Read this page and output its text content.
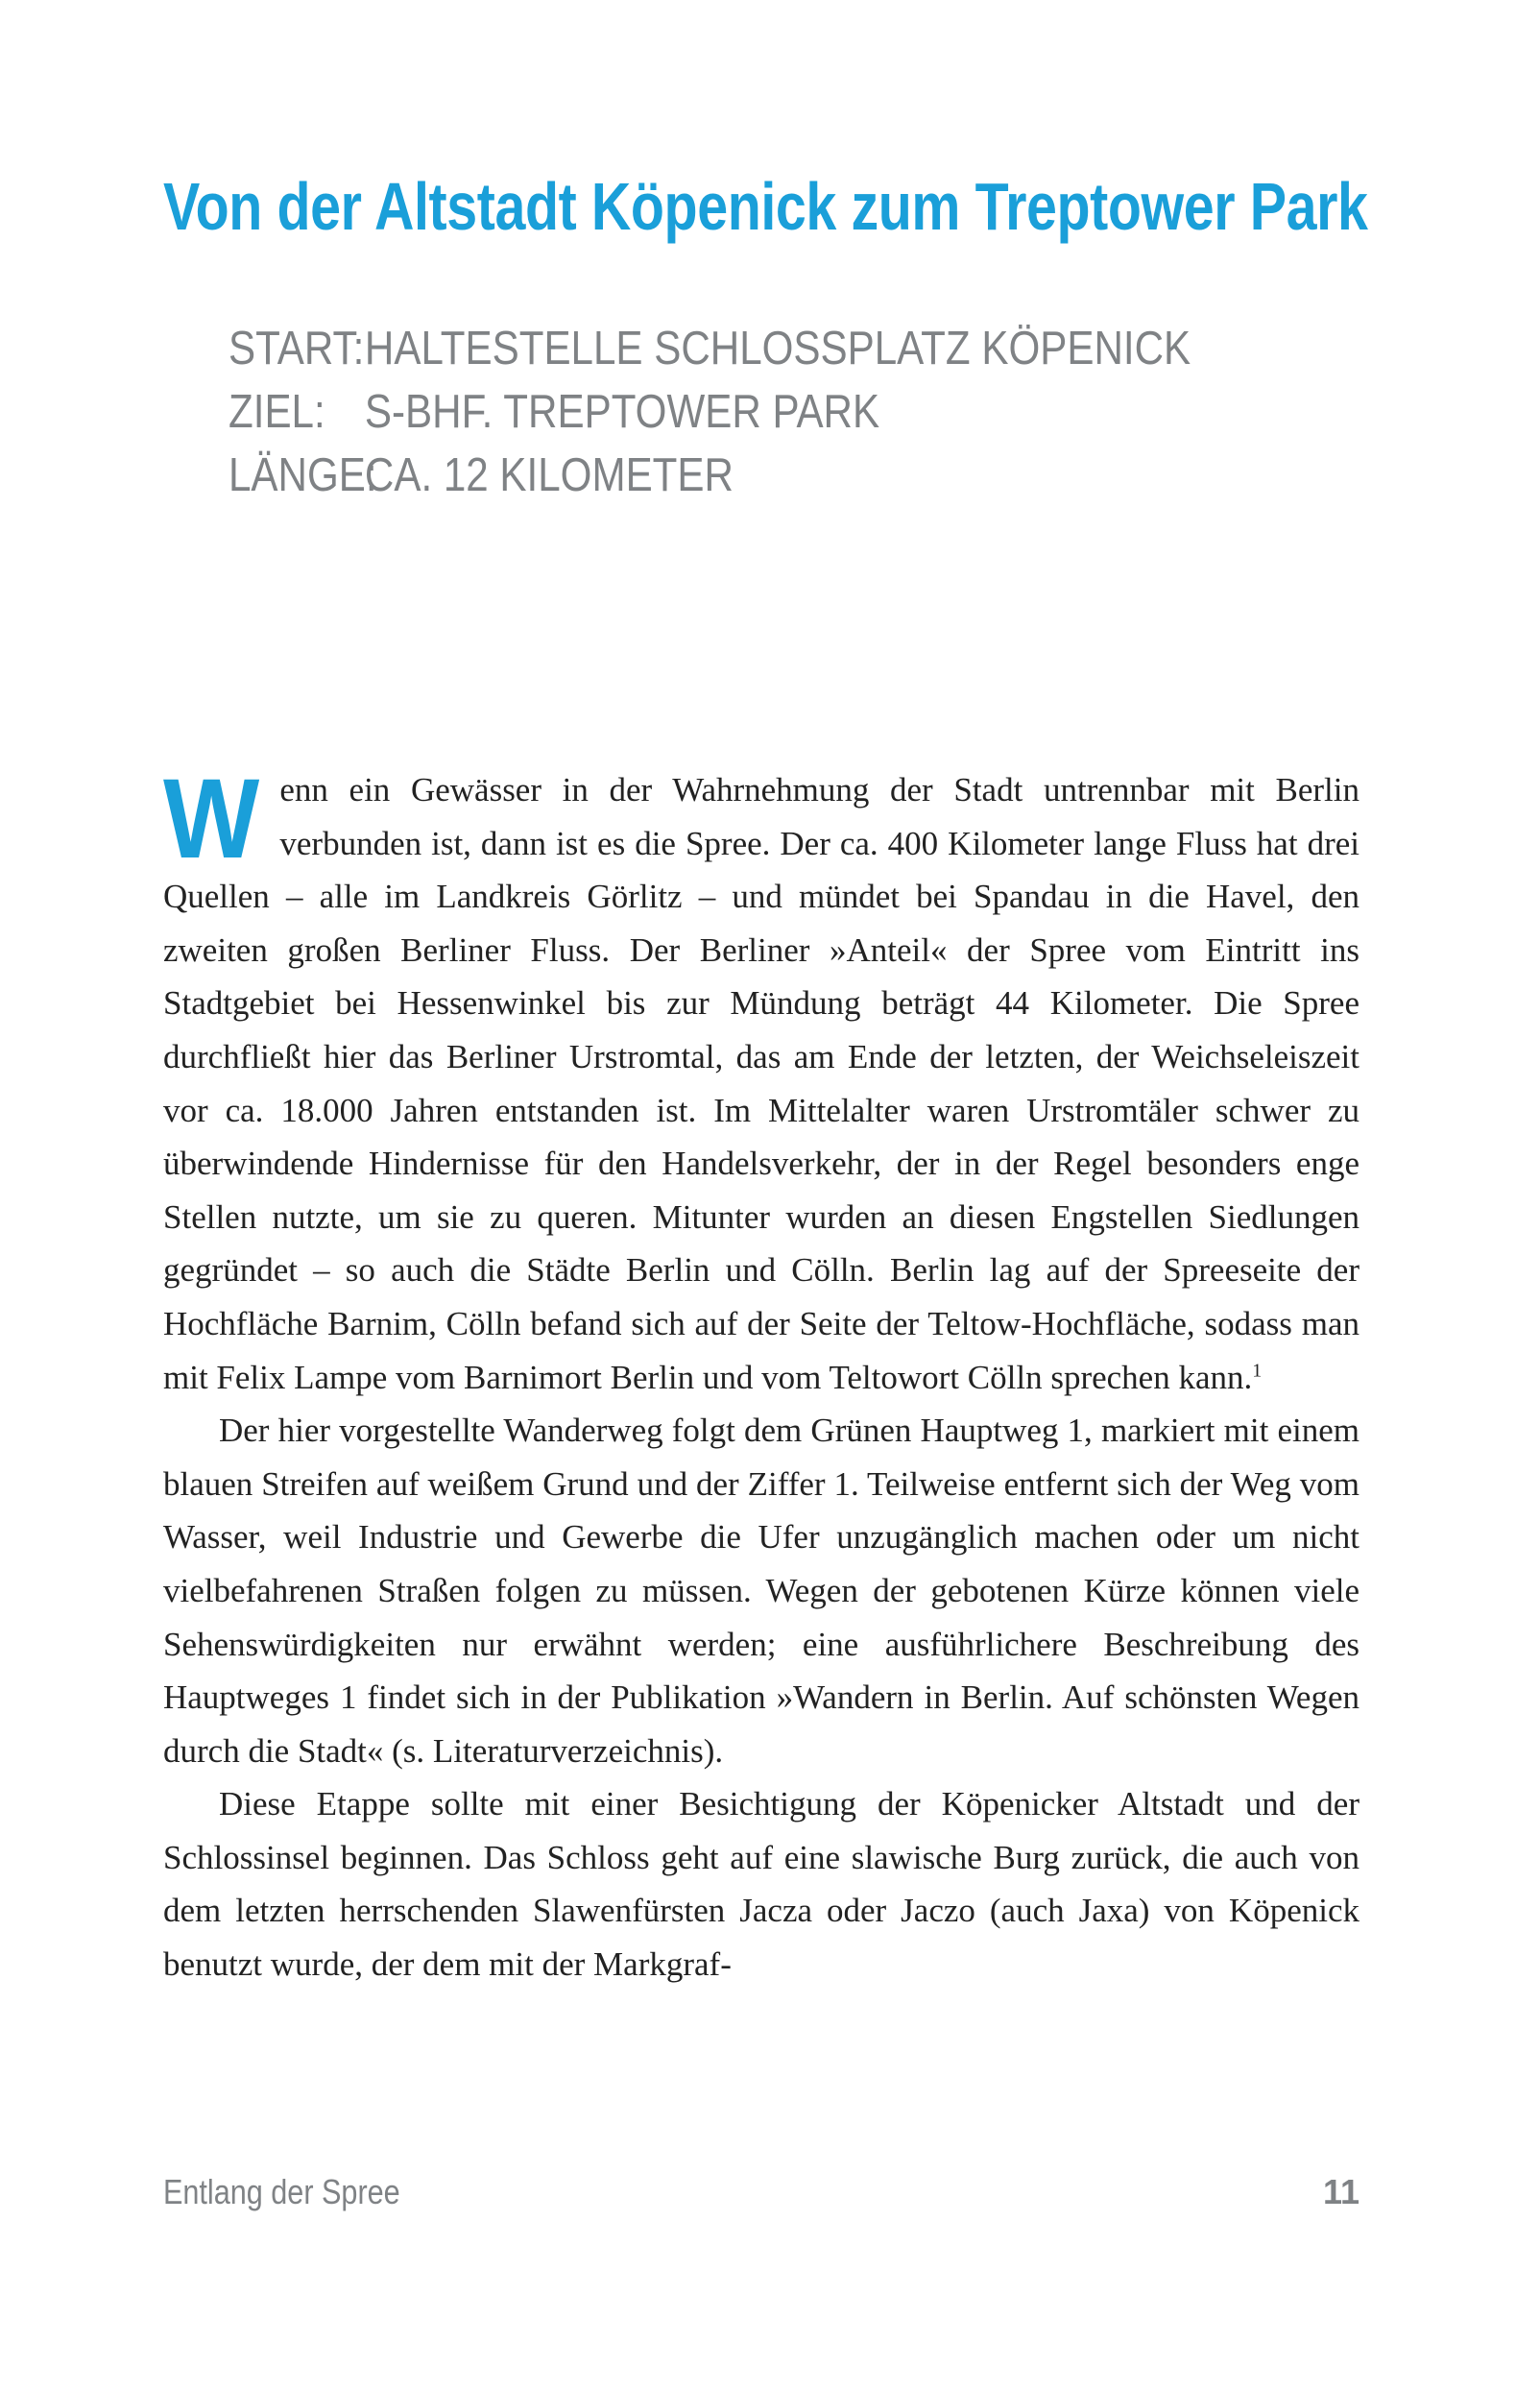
Von der Altstadt Köpenick zum Treptower Park
START: HALTESTELLE SCHLOSSPLATZ KÖPENICK
ZIEL: S-BHF. TREPTOWER PARK
LÄNGE:
CA. 12 KILOMETER

Wenn ein Gewässer in der Wahrnehmung der Stadt untrennbar mit Berlin verbunden ist, dann ist es die Spree. Der ca. 400 Kilometer lange Fluss hat drei Quellen – alle im Landkreis Görlitz – und mündet bei Spandau in die Havel, den zweiten großen Berliner Fluss. Der Berliner »Anteil« der Spree vom Eintritt ins Stadtgebiet bei Hessenwinkel bis zur Mündung beträgt 44 Kilometer. Die Spree durchfließt hier das Berliner Urstromtal, das am Ende der letzten, der Weichseleiszeit vor ca. 18.000 Jahren entstanden ist. Im Mittelalter waren Urstromtäler schwer zu überwindende Hindernisse für den Handelsverkehr, der in der Regel besonders enge Stellen nutzte, um sie zu queren. Mitunter wurden an diesen Engstellen Siedlungen gegründet – so auch die Städte Berlin und Cölln. Berlin lag auf der Spreeseite der Hochfläche Barnim, Cölln befand sich auf der Seite der Teltow-Hochfläche, sodass man mit Felix Lampe vom Barnimort Berlin und vom Teltowort Cölln sprechen kann.$^1$

Der hier vorgestellte Wanderweg folgt dem Grünen Hauptweg 1, markiert mit einem blauen Streifen auf weißem Grund und der Ziffer 1. Teilweise entfernt sich der Weg vom Wasser, weil Industrie und Gewerbe die Ufer unzugänglich machen oder um nicht vielbefahrenen Straßen folgen zu müssen. Wegen der gebotenen Kürze können viele Sehenswürdigkeiten nur erwähnt werden; eine ausführlichere Beschreibung des Hauptweges 1 findet sich in der Publikation »Wandern in Berlin. Auf schönsten Wegen durch die Stadt« (s. Literaturverzeichnis).

Diese Etappe sollte mit einer Besichtigung der Köpenicker Altstadt und der Schlossinsel beginnen. Das Schloss geht auf eine slawische Burg zurück, die auch von dem letzten herrschenden Slawenfürsten Jacza oder Jaczo (auch Jaxa) von Köpenick benutzt wurde, der dem mit der Markgraf-

Entlang der Spree	11
